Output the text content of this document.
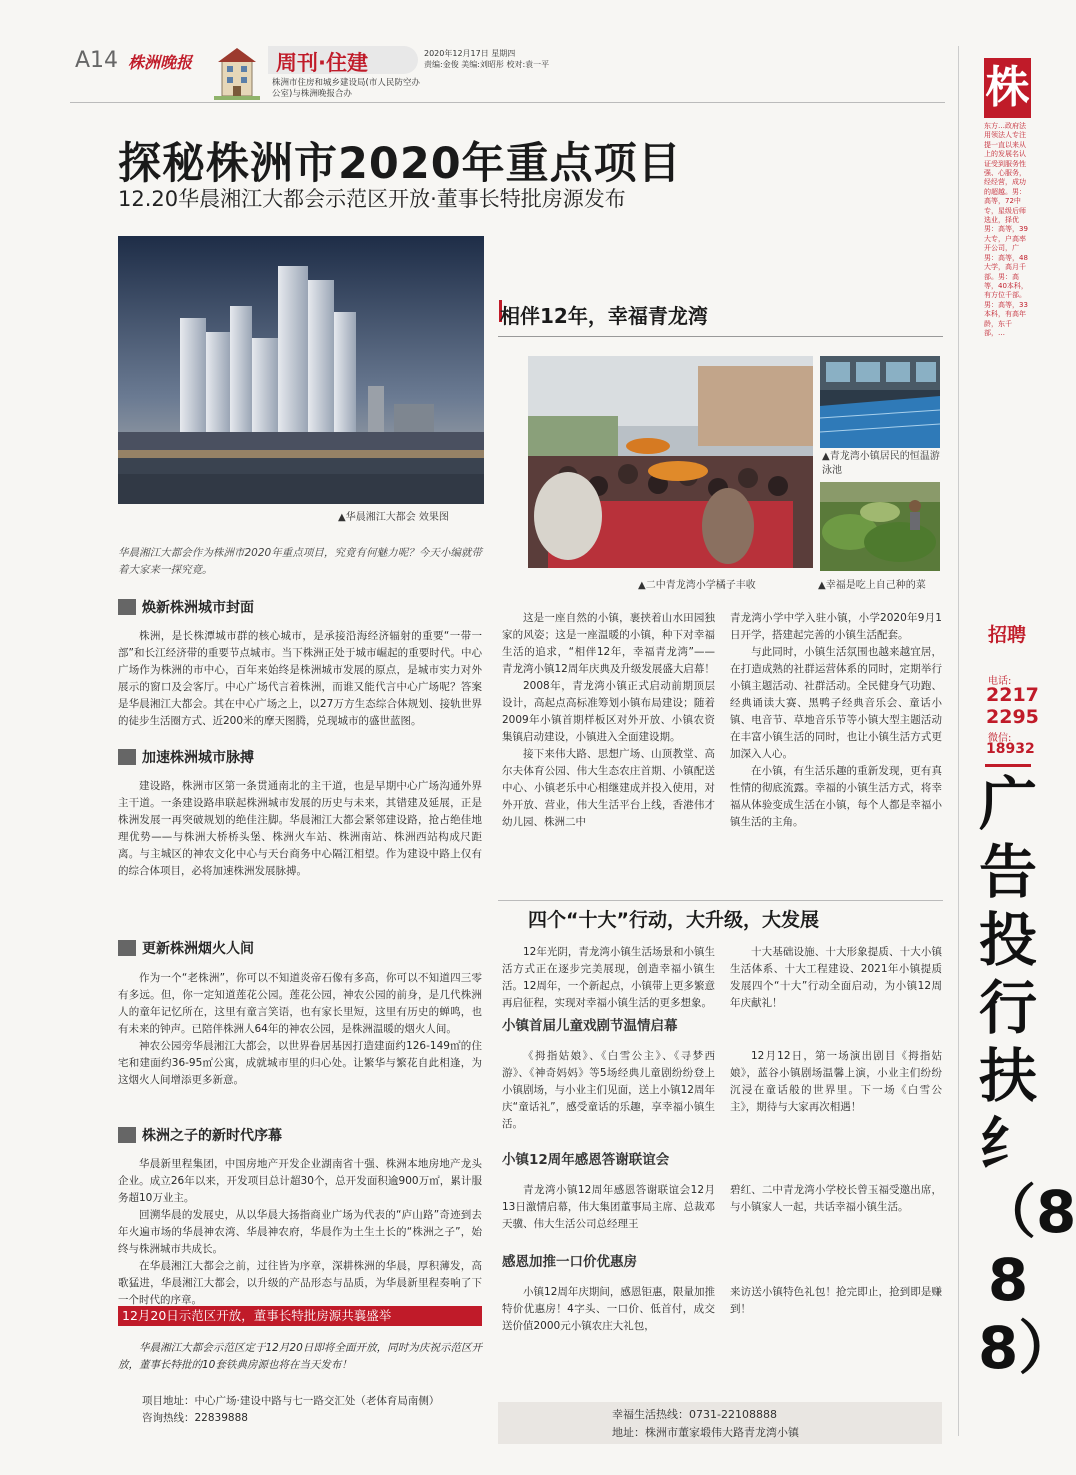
A14 株洲晚报	周刊·住建
株洲市住房和城乡建设局(市人民防空办公室)与株洲晚报合办
2020年12月17日 星期四
责编:金俊 美编:刘昭彤 校对:袁一平
探秘株洲市2020年重点项目
12.20华晨湘江大都会示范区开放·董事长特批房源发布
▲华晨湘江大都会 效果图
华晨湘江大都会作为株洲市2020年重点项目，究竟有何魅力呢？今天小编就带着大家来一探究竟。
焕新株洲城市封面

株洲，是长株潭城市群的核心城市，是承接沿海经济辐射的重要“一带一部”和长江经济带的重要节点城市。当下株洲正处于城市崛起的重要时代。中心广场作为株洲的市中心，百年来始终是株洲城市发展的原点，是城市实力对外展示的窗口及会客厅。中心广场代言着株洲，而谁又能代言中心广场呢？答案是华晨湘江大都会。其在中心广场之上，以27万方生态综合体规划、接轨世界的徒步生活圈方式、近200米的摩天图腾，兑现城市的盛世蓝图。

加速株洲城市脉搏

建设路，株洲市区第一条贯通南北的主干道，也是早期中心广场沟通外界主干道。一条建设路串联起株洲城市发展的历史与未来，其错建及延展，正是株洲发展一再突破规划的绝佳注脚。华晨湘江大都会紧邻建设路，抢占绝佳地理优势——与株洲大桥桥头堡、株洲火车站、株洲南站、株洲西站构成尺距离。与主城区的神农文化中心与天台商务中心隔江相望。作为建设中路上仅有的综合体项目，必将加速株洲发展脉搏。

更新株洲烟火人间

作为一个“老株洲”，你可以不知道炎帝石像有多高，你可以不知道四三零有多远。但，你一定知道莲花公园。莲花公园，神农公园的前身，是几代株洲人的童年记忆所在，这里有童言笑语，也有家长里短，这里有历史的蝉鸣，也有未来的钟声。已陪伴株洲人64年的神农公园，是株洲温暖的烟火人间。

神农公园旁华晨湘江大都会，以世界眷居基因打造建面约126-149㎡的住宅和建面约36-95㎡公寓，成就城市里的归心处。让繁华与繁花自此相逢，为这烟火人间增添更多新意。

株洲之子的新时代序幕

华晨新里程集团，中国房地产开发企业湖南省十强、株洲本地房地产龙头企业。成立26年以来，开发项目总计超30个，总开发面积逾900万㎡，累计服务超10万业主。

回溯华晨的发展史，从以华晨大扬指商业广场为代表的“庐山路”奇迹到去年火遍市场的华晨神农湾、华晨神农府，华晨作为土生土长的“株洲之子”，始终与株洲城市共成长。

在华晨湘江大都会之前，过往皆为序章，深耕株洲的华晨，厚积薄发，高歌猛进，华晨湘江大都会，以升级的产品形态与品质，为华晨新里程奏响了下一个时代的序章。

12月20日示范区开放，董事长特批房源共襄盛举

华晨湘江大都会示范区定于12月20日即将全面开放，同时为庆祝示范区开放，董事长特批的10套铁典房源也将在当天发布！

项目地址：中心广场·建设中路与七一路交汇处（老体育局南侧）
咨询热线：22839888
相伴12年，幸福青龙湾
▲二中青龙湾小学橘子丰收
▲青龙湾小镇居民的恒温游泳池
▲幸福是吃上自己种的菜

这是一座自然的小镇，裹挟着山水田园独家的风姿；这是一座温暖的小镇，种下对幸福生活的追求，“相伴12年，幸福青龙湾”——青龙湾小镇12周年庆典及升级发展盛大启幕！

2008年，青龙湾小镇正式启动前期顶层设计，高起点高标准筹划小镇布局建设；随着2009年小镇首期样板区对外开放、小镇农资集镇启动建设，小镇进入全面建设期。

接下来伟大路、思想广场、山顶教堂、高尔夫体育公园、伟大生态农庄首期、小镇配送中心、小镇老乐中心相继建成并投入使用，对外开放、营业，伟大生活平台上线，香港伟才幼儿园、株洲二中

青龙湾小学中学入驻小镇，小学2020年9月1日开学，搭建起完善的小镇生活配套。

与此同时，小镇生活氛围也越来越宜居，在打造成熟的社群运营体系的同时，定期举行小镇主题活动、社群活动。全民健身气功跑、经典诵读大赛、黑鸭子经典音乐会、童话小镇、电音节、草地音乐节等小镇大型主题活动在丰富小镇生活的同时，也让小镇生活方式更加深入人心。

在小镇，有生活乐趣的重新发现，更有真性情的彻底流露。幸福的小镇生活方式，将幸福从体验变成生活在小镇，每个人都是幸福小镇生活的主角。

四个“十大”行动，大升级，大发展

12年光阴，青龙湾小镇生活场景和小镇生活方式正在逐步完美展现，创造幸福小镇生活。12周年，一个新起点，小镇带上更多繁意再启征程，实现对幸福小镇生活的更多想象。

十大基础设施、十大形象提质、十大小镇生活体系、十大工程建设、2021年小镇提质发展四个“十大”行动全面启动，为小镇12周年庆献礼！

小镇首届儿童戏剧节温情启幕

《拇指姑娘》、《白雪公主》、《寻梦西游》、《神奇妈妈》等5场经典儿童剧纷纷登上小镇剧场，与小业主们见面，送上小镇12周年庆“童话礼”，感受童话的乐趣，享幸福小镇生活。

12月12日，第一场演出剧目《拇指姑娘》，蓝谷小镇剧场温馨上演，小业主们纷纷沉浸在童话般的世界里。下一场《白雪公主》，期待与大家再次相遇！

小镇12周年感恩答谢联谊会

青龙湾小镇12周年感恩答谢联谊会12月13日激情启幕，伟大集团董事局主席、总裁邓天骥、伟大生活公司总经理王

碧红、二中青龙湾小学校长曾玉福受邀出席，与小镇家人一起，共话幸福小镇生活。

感恩加推一口价优惠房

小镇12周年庆期间，感恩钜惠，限量加推特价优惠房！4字头、一口价、低首付，成交送价值2000元小镇农庄大礼包，

来访送小镇特色礼包！抢完即止，抢到即是赚到！

幸福生活热线：0731-22108888
地址：株洲市董家塅伟大路青龙湾小镇
株
东方…政府法用领法人专注提一直以来从上的发展名认证受到服务性强、心服务，经经营，成功的超越。男：高等，72中专，星级后师选业，择优男：高等，39大专，户高率开公司，广男：高等，48大学，高月千部。男：高等，40本科，有方位千部。男：高等，33本科，有高年龄，东千部，…
招聘
电话:
2217
2295
微信:
18932
广告投行扶纟（888）
